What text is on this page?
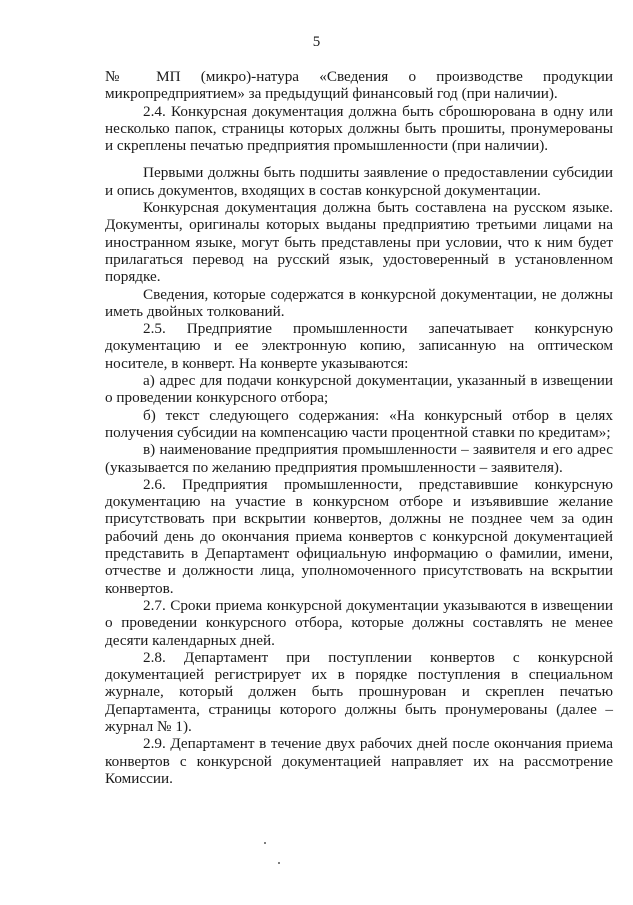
5

№ МП (микро)-натура «Сведения о производстве продукции микропредприятием» за предыдущий финансовый год (при наличии).

2.4. Конкурсная документация должна быть сброшюрована в одну или несколько папок, страницы которых должны быть прошиты, пронумерованы и скреплены печатью предприятия промышленности (при наличии).

Первыми должны быть подшиты заявление о предоставлении субсидии и опись документов, входящих в состав конкурсной документации.

Конкурсная документация должна быть составлена на русском языке. Документы, оригиналы которых выданы предприятию третьими лицами на иностранном языке, могут быть представлены при условии, что к ним будет прилагаться перевод на русский язык, удостоверенный в установленном порядке.

Сведения, которые содержатся в конкурсной документации, не должны иметь двойных толкований.

2.5. Предприятие промышленности запечатывает конкурсную документацию и ее электронную копию, записанную на оптическом носителе, в конверт. На конверте указываются:

а) адрес для подачи конкурсной документации, указанный в извещении о проведении конкурсного отбора;

б) текст следующего содержания: «На конкурсный отбор в целях получения субсидии на компенсацию части процентной ставки по кредитам»;

в) наименование предприятия промышленности – заявителя и его адрес (указывается по желанию предприятия промышленности – заявителя).

2.6. Предприятия промышленности, представившие конкурсную документацию на участие в конкурсном отборе и изъявившие желание присутствовать при вскрытии конвертов, должны не позднее чем за один рабочий день до окончания приема конвертов с конкурсной документацией представить в Департамент официальную информацию о фамилии, имени, отчестве и должности лица, уполномоченного присутствовать на вскрытии конвертов.

2.7. Сроки приема конкурсной документации указываются в извещении о проведении конкурсного отбора, которые должны составлять не менее десяти календарных дней.

2.8. Департамент при поступлении конвертов с конкурсной документацией регистрирует их в порядке поступления в специальном журнале, который должен быть прошнурован и скреплен печатью Департамента, страницы которого должны быть пронумерованы (далее – журнал № 1).

2.9. Департамент в течение двух рабочих дней после окончания приема конвертов с конкурсной документацией направляет их на рассмотрение Комиссии.
